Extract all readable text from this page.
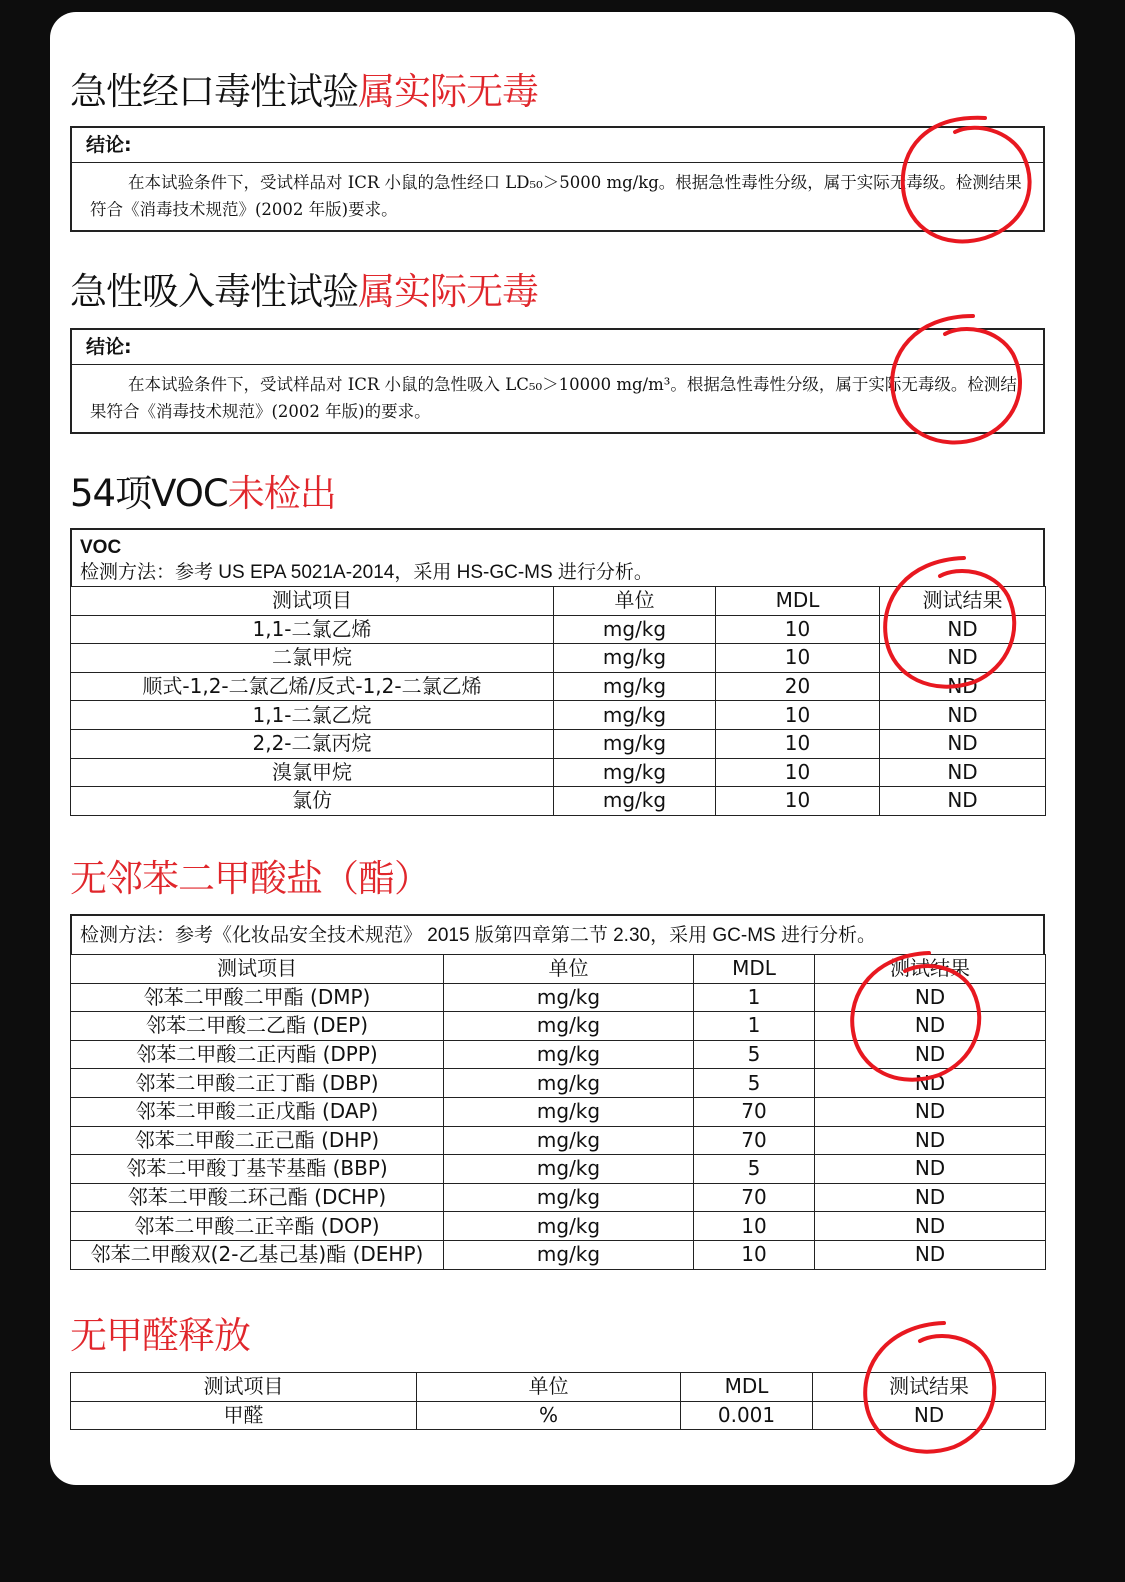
急性经口毒性试验属实际无毒
结论:
在本试验条件下，受试样品对 ICR 小鼠的急性经口 LD₅₀＞5000 mg/kg。根据急性毒性分级，属于实际无毒级。检测结果符合《消毒技术规范》(2002 年版)要求。
急性吸入毒性试验属实际无毒
结论:
在本试验条件下，受试样品对 ICR 小鼠的急性吸入 LC₅₀＞10000 mg/m³。根据急性毒性分级，属于实际无毒级。检测结果符合《消毒技术规范》(2002 年版)的要求。
54项VOC未检出
VOC
检测方法：参考 US EPA 5021A-2014，采用 HS-GC-MS 进行分析。
测试项目	单位	MDL	测试结果
1,1-二氯乙烯	mg/kg	10	ND
二氯甲烷	mg/kg	10	ND
顺式-1,2-二氯乙烯/反式-1,2-二氯乙烯	mg/kg	20	ND
1,1-二氯乙烷	mg/kg	10	ND
2,2-二氯丙烷	mg/kg	10	ND
溴氯甲烷	mg/kg	10	ND
氯仿	mg/kg	10	ND
无邻苯二甲酸盐（酯）
检测方法：参考《化妆品安全技术规范》 2015 版第四章第二节 2.30，采用 GC-MS 进行分析。
测试项目	单位	MDL	测试结果
邻苯二甲酸二甲酯 (DMP)	mg/kg	1	ND
邻苯二甲酸二乙酯 (DEP)	mg/kg	1	ND
邻苯二甲酸二正丙酯 (DPP)	mg/kg	5	ND
邻苯二甲酸二正丁酯 (DBP)	mg/kg	5	ND
邻苯二甲酸二正戊酯 (DAP)	mg/kg	70	ND
邻苯二甲酸二正己酯 (DHP)	mg/kg	70	ND
邻苯二甲酸丁基苄基酯 (BBP)	mg/kg	5	ND
邻苯二甲酸二环己酯 (DCHP)	mg/kg	70	ND
邻苯二甲酸二正辛酯 (DOP)	mg/kg	10	ND
邻苯二甲酸双(2-乙基己基)酯 (DEHP)	mg/kg	10	ND
无甲醛释放
测试项目	单位	MDL	测试结果
甲醛	%	0.001	ND
